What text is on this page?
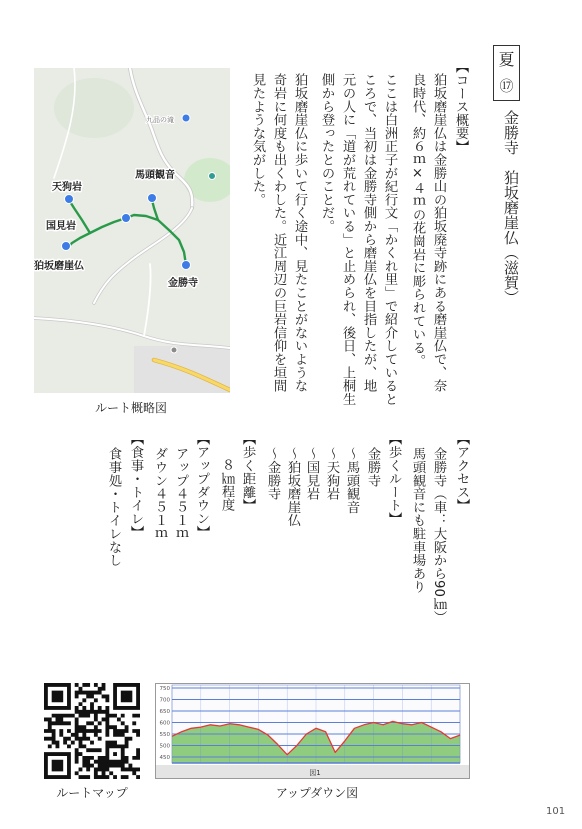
夏
⑰
金勝寺　狛坂磨崖仏（滋賀）
【コース概要】
狛坂磨崖仏は金勝山の狛坂廃寺跡にある磨崖仏で、奈
良時代、約６ｍ×４ｍの花崗岩に彫られている。
ここは白洲正子が紀行文「かくれ里」で紹介していると
ころで、当初は金勝寺側から磨崖仏を目指したが、地
元の人に「道が荒れている」と止められ、後日、上桐生
側から登ったとのことだ。
狛坂磨崖仏に歩いて行く途中、見たことがないような
奇岩に何度も出くわした。近江周辺の巨岩信仰を垣間
見たような気がした。
九品の滝
天狗岩
馬頭観音
国見岩
狛坂磨崖仏
金勝寺
ルート概略図
【アクセス】
金勝寺（車：大阪から90㎞）
馬頭観音にも駐車場あり
【歩くルート】
金勝寺
～馬頭観音
～天狗岩
～国見岩
～狛坂磨崖仏
～金勝寺
【歩く距離】
８㎞程度
【アップダウン】
アップ４５１ｍ
ダウン４５１ｍ
【食事・トイレ】
食事処・トイレなし
ルートマップ
図1
750
700
650
600
550
500
450
アップダウン図
101
